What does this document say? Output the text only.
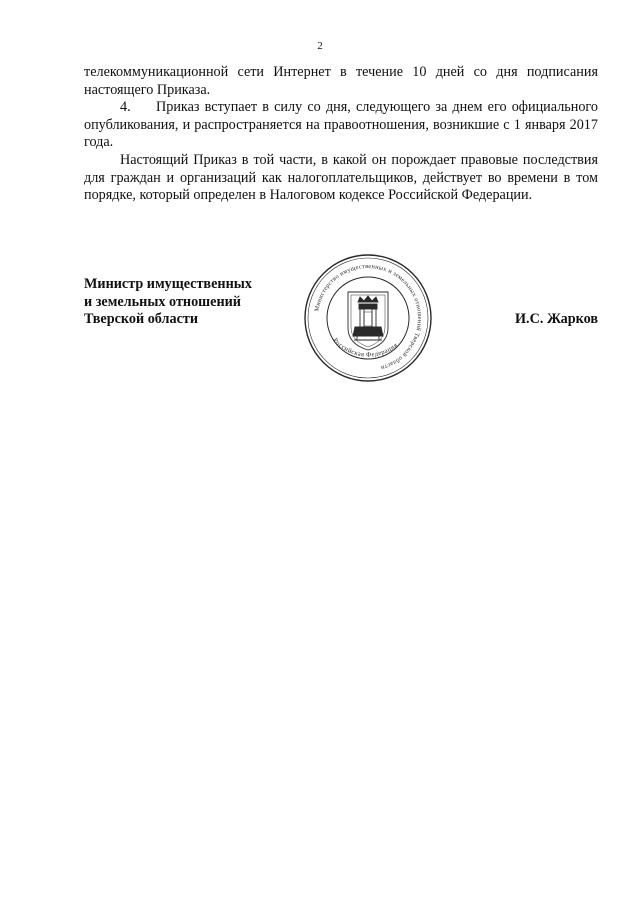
2

телекоммуникационной сети Интернет в течение 10 дней со дня подписания настоящего Приказа.

4. Приказ вступает в силу со дня, следующего за днем его официального опубликования, и распространяется на правоотношения, возникшие с 1 января 2017 года.

Настоящий Приказ в той части, в какой он порождает правовые последствия для граждан и организаций как налогоплательщиков, действует во времени в том порядке, который определен в Налоговом кодексе Российской Федерации.

Министр имущественных
и земельных отношений
Тверской области
Министерство имущественных и земельных отношений Тверской области
Российская Федерация
И.С. Жарков
